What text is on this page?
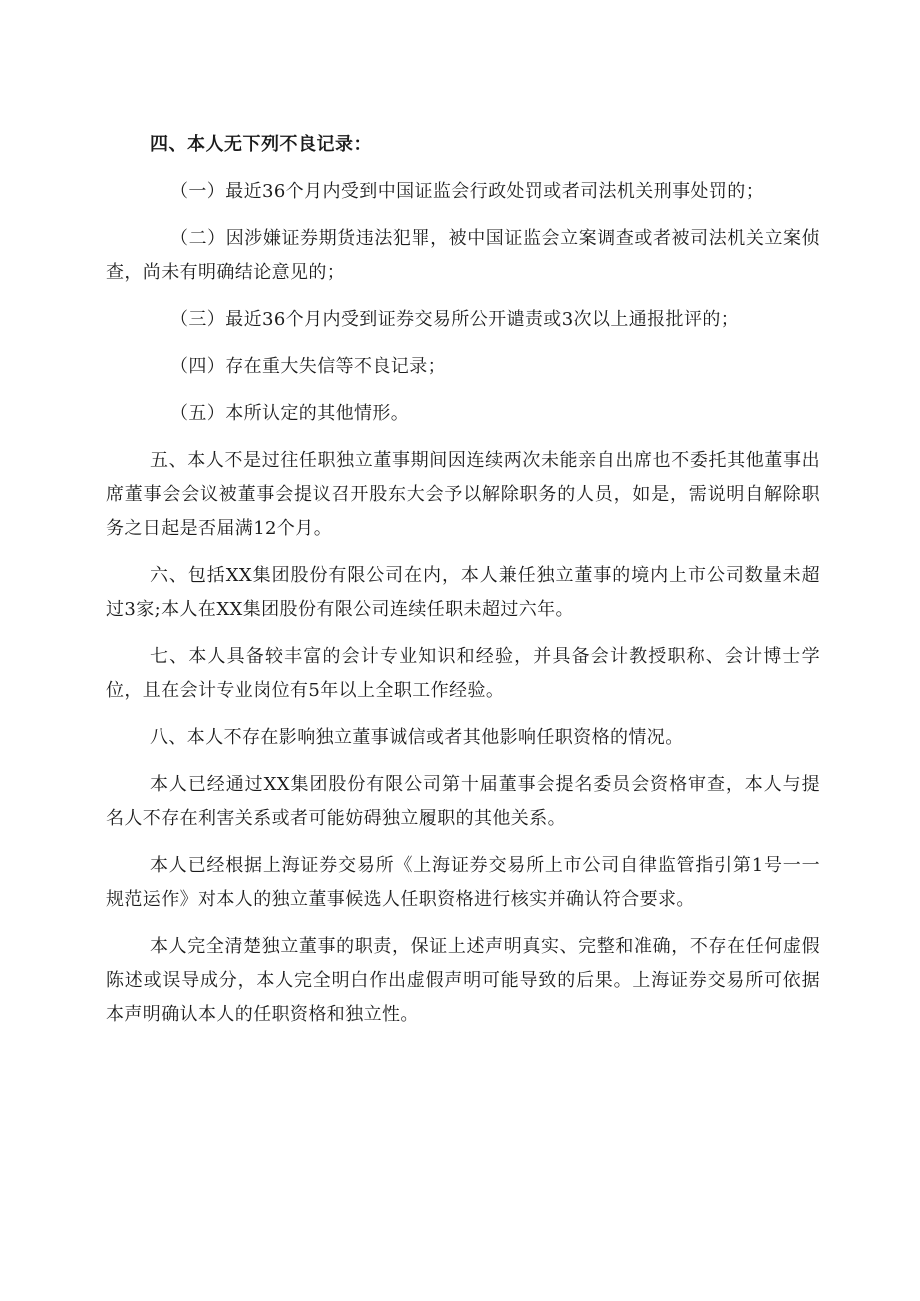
四、本人无下列不良记录：

（一）最近36个月内受到中国证监会行政处罚或者司法机关刑事处罚的；

（二）因涉嫌证券期货违法犯罪，被中国证监会立案调查或者被司法机关立案侦查，尚未有明确结论意见的；

（三）最近36个月内受到证券交易所公开谴责或3次以上通报批评的；

（四）存在重大失信等不良记录；

（五）本所认定的其他情形。

五、本人不是过往任职独立董事期间因连续两次未能亲自出席也不委托其他董事出席董事会会议被董事会提议召开股东大会予以解除职务的人员，如是，需说明自解除职务之日起是否届满12个月。

六、包括XX集团股份有限公司在内，本人兼任独立董事的境内上市公司数量未超过3家;本人在XX集团股份有限公司连续任职未超过六年。

七、本人具备较丰富的会计专业知识和经验，并具备会计教授职称、会计博士学位，且在会计专业岗位有5年以上全职工作经验。

八、本人不存在影响独立董事诚信或者其他影响任职资格的情况。

本人已经通过XX集团股份有限公司第十届董事会提名委员会资格审查，本人与提名人不存在利害关系或者可能妨碍独立履职的其他关系。

本人已经根据上海证券交易所《上海证券交易所上市公司自律监管指引第1号一一规范运作》对本人的独立董事候选人任职资格进行核实并确认符合要求。

本人完全清楚独立董事的职责，保证上述声明真实、完整和准确，不存在任何虚假陈述或误导成分，本人完全明白作出虚假声明可能导致的后果。上海证券交易所可依据本声明确认本人的任职资格和独立性。
